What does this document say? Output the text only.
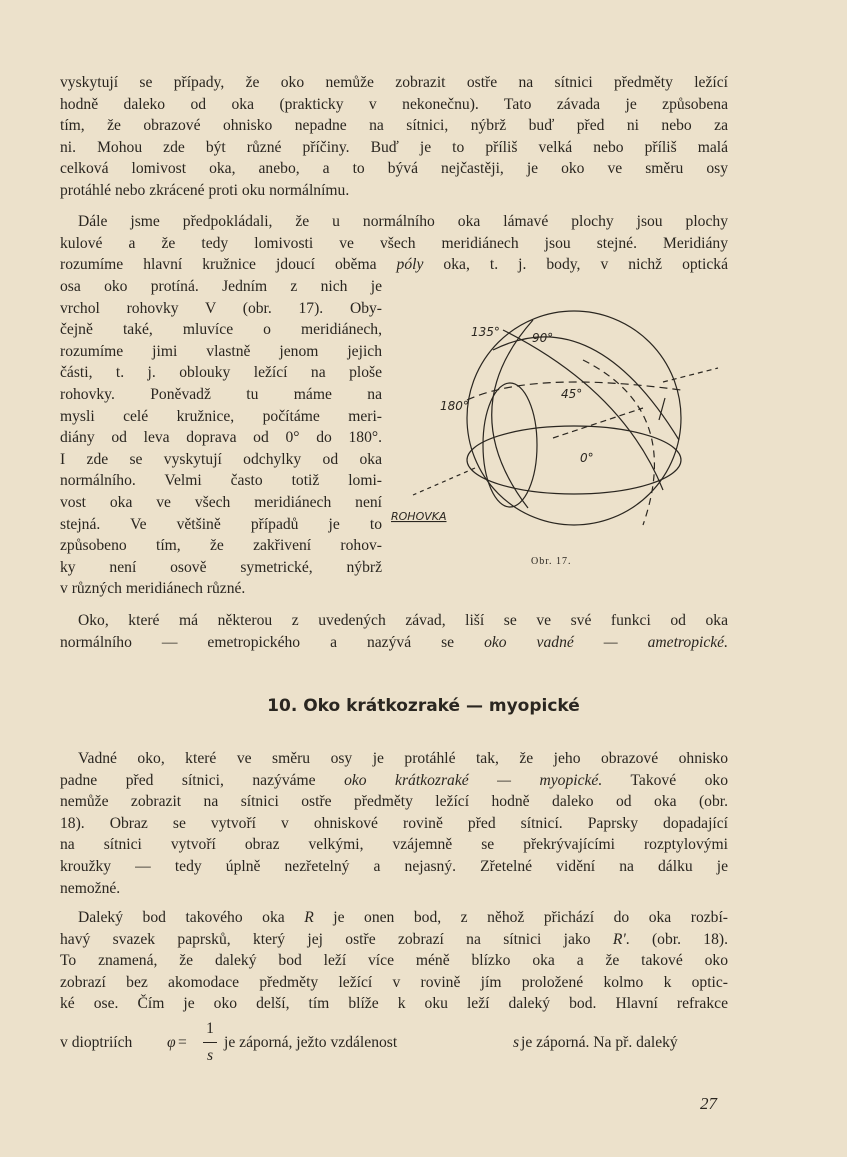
vyskytují se případy, že oko nemůže zobrazit ostře na sítnici předměty ležící
hodně daleko od oka (prakticky v nekonečnu). Tato závada je způsobena
tím, že obrazové ohnisko nepadne na sítnici, nýbrž buď před ni nebo za
ni. Mohou zde být různé příčiny. Buď je to příliš velká nebo příliš malá
celková lomivost oka, anebo, a to bývá nejčastěji, je oko ve směru osy
protáhlé nebo zkrácené proti oku normálnímu.
Dále jsme předpokládali, že u normálního oka lámavé plochy jsou plochy
kulové a že tedy lomivosti ve všech meridiánech jsou stejné. Meridiány
rozumíme hlavní kružnice jdoucí oběma póly oka, t. j. body, v nichž optická
osa oko protíná. Jedním z nich je
vrchol rohovky V (obr. 17). Oby-
čejně také, mluvíce o meridiánech,
rozumíme jimi vlastně jenom jejich
části, t. j. oblouky ležící na ploše
rohovky. Poněvadž tu máme na
mysli celé kružnice, počítáme meri-
diány od leva doprava od 0° do 180°.
I zde se vyskytují odchylky od oka
normálního. Velmi často totiž lomi-
vost oka ve všech meridiánech není
stejná. Ve většině případů je to
způsobeno tím, že zakřivení rohov-
ky není osově symetrické, nýbrž
v různých meridiánech různé.
Oko, které má některou z uvedených závad, liší se ve své funkci od oka
normálního — emetropického a nazývá se oko vadné — ametropické.
10. Oko krátkozraké — myopické
Vadné oko, které ve směru osy je protáhlé tak, že jeho obrazové ohnisko
padne před sítnici, nazýváme oko krátkozraké — myopické. Takové oko
nemůže zobrazit na sítnici ostře předměty ležící hodně daleko od oka (obr.
18). Obraz se vytvoří v ohniskové rovině před sítnicí. Paprsky dopadající
na sítnici vytvoří obraz velkými, vzájemně se překrývajícími rozptylovými
kroužky — tedy úplně nezřetelný a nejasný. Zřetelné vidění na dálku je
nemožné.
Daleký bod takového oka R je onen bod, z něhož přichází do oka rozbí-
havý svazek paprsků, který jej ostře zobrazí na sítnici jako R'. (obr. 18).
To znamená, že daleký bod leží více méně blízko oka a že takové oko
zobrazí bez akomodace předměty ležící v rovině jím proložené kolmo k optic-
ké ose. Čím je oko delší, tím blíže k oku leží daleký bod. Hlavní refrakce
v dioptriích φ =
1
s
je záporná, ježto vzdálenost	s je záporná. Na př. daleký
135°	90°
45°
180°
0°
ROHOVKA
Obr. 17.
27
